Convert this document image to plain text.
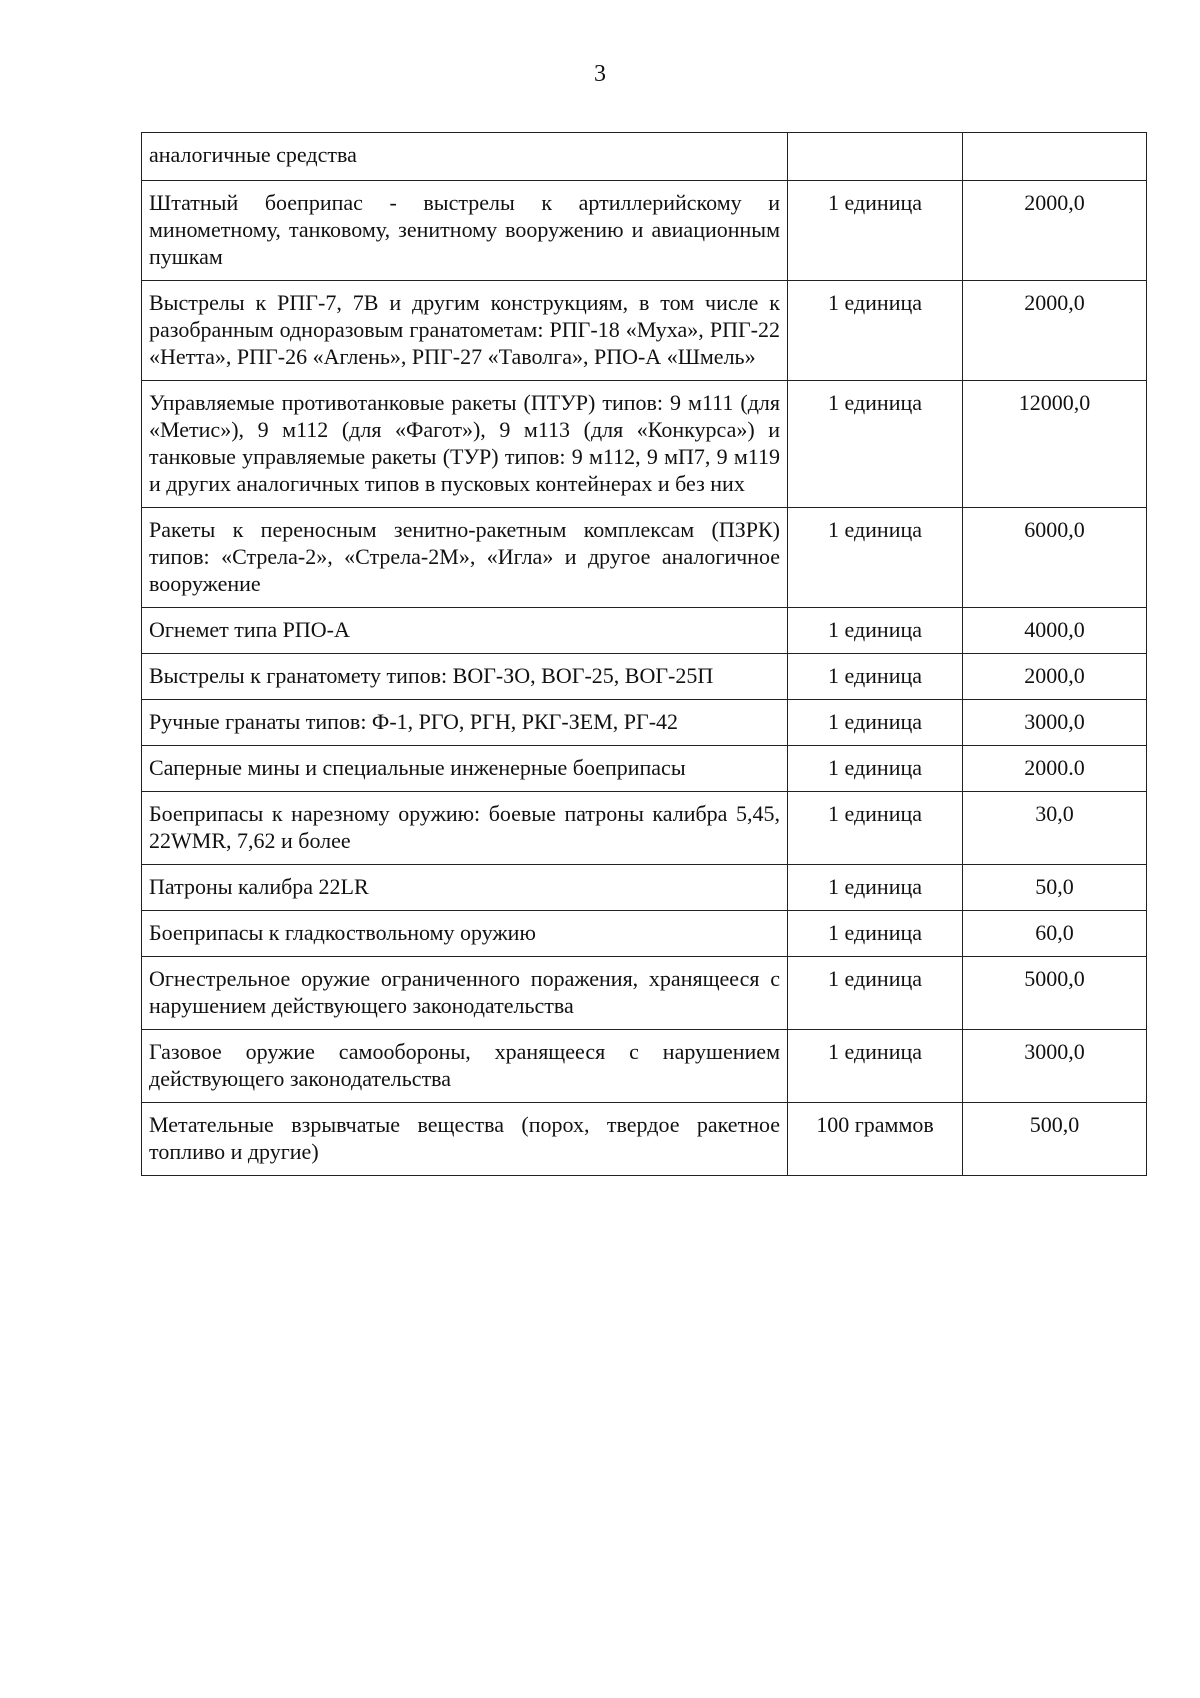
3
аналогичные средства		
Штатный боеприпас - выстрелы к артиллерийскому и минометному, танковому, зенитному вооружению и авиационным пушкам	1 единица	2000,0
Выстрелы к РПГ-7, 7В и другим конструкциям, в том числе к разобранным одноразовым гранатометам: РПГ-18 «Муха», РПГ-22 «Нетта», РПГ-26 «Аглень», РПГ-27 «Таволга», РПО-А «Шмель»	1 единица	2000,0
Управляемые противотанковые ракеты (ПТУР) типов: 9 м111 (для «Метис»), 9 м112 (для «Фагот»), 9 м113 (для «Конкурса») и танковые управляемые ракеты (ТУР) типов: 9 м112, 9 мП7, 9 м119 и других аналогичных типов в пусковых контейнерах и без них	1 единица	12000,0
Ракеты к переносным зенитно-ракетным комплексам (ПЗРК) типов: «Стрела-2», «Стрела-2М», «Игла» и другое аналогичное вооружение	1 единица	6000,0
Огнемет типа РПО-А	1 единица	4000,0
Выстрелы к гранатомету типов: ВОГ-ЗО, ВОГ-25, ВОГ-25П	1 единица	2000,0
Ручные гранаты типов: Ф-1, РГО, РГН, РКГ-ЗЕМ, РГ-42	1 единица	3000,0
Саперные мины и специальные инженерные боеприпасы	1 единица	2000.0
Боеприпасы к нарезному оружию: боевые патроны калибра 5,45, 22WMR, 7,62 и более	1 единица	30,0
Патроны калибра 22LR	1 единица	50,0
Боеприпасы к гладкоствольному оружию	1 единица	60,0
Огнестрельное оружие ограниченного поражения, хранящееся с нарушением действующего законодательства	1 единица	5000,0
Газовое оружие самообороны, хранящееся с нарушением действующего законодательства	1 единица	3000,0
Метательные взрывчатые вещества (порох, твердое ракетное топливо и другие)	100 граммов	500,0
